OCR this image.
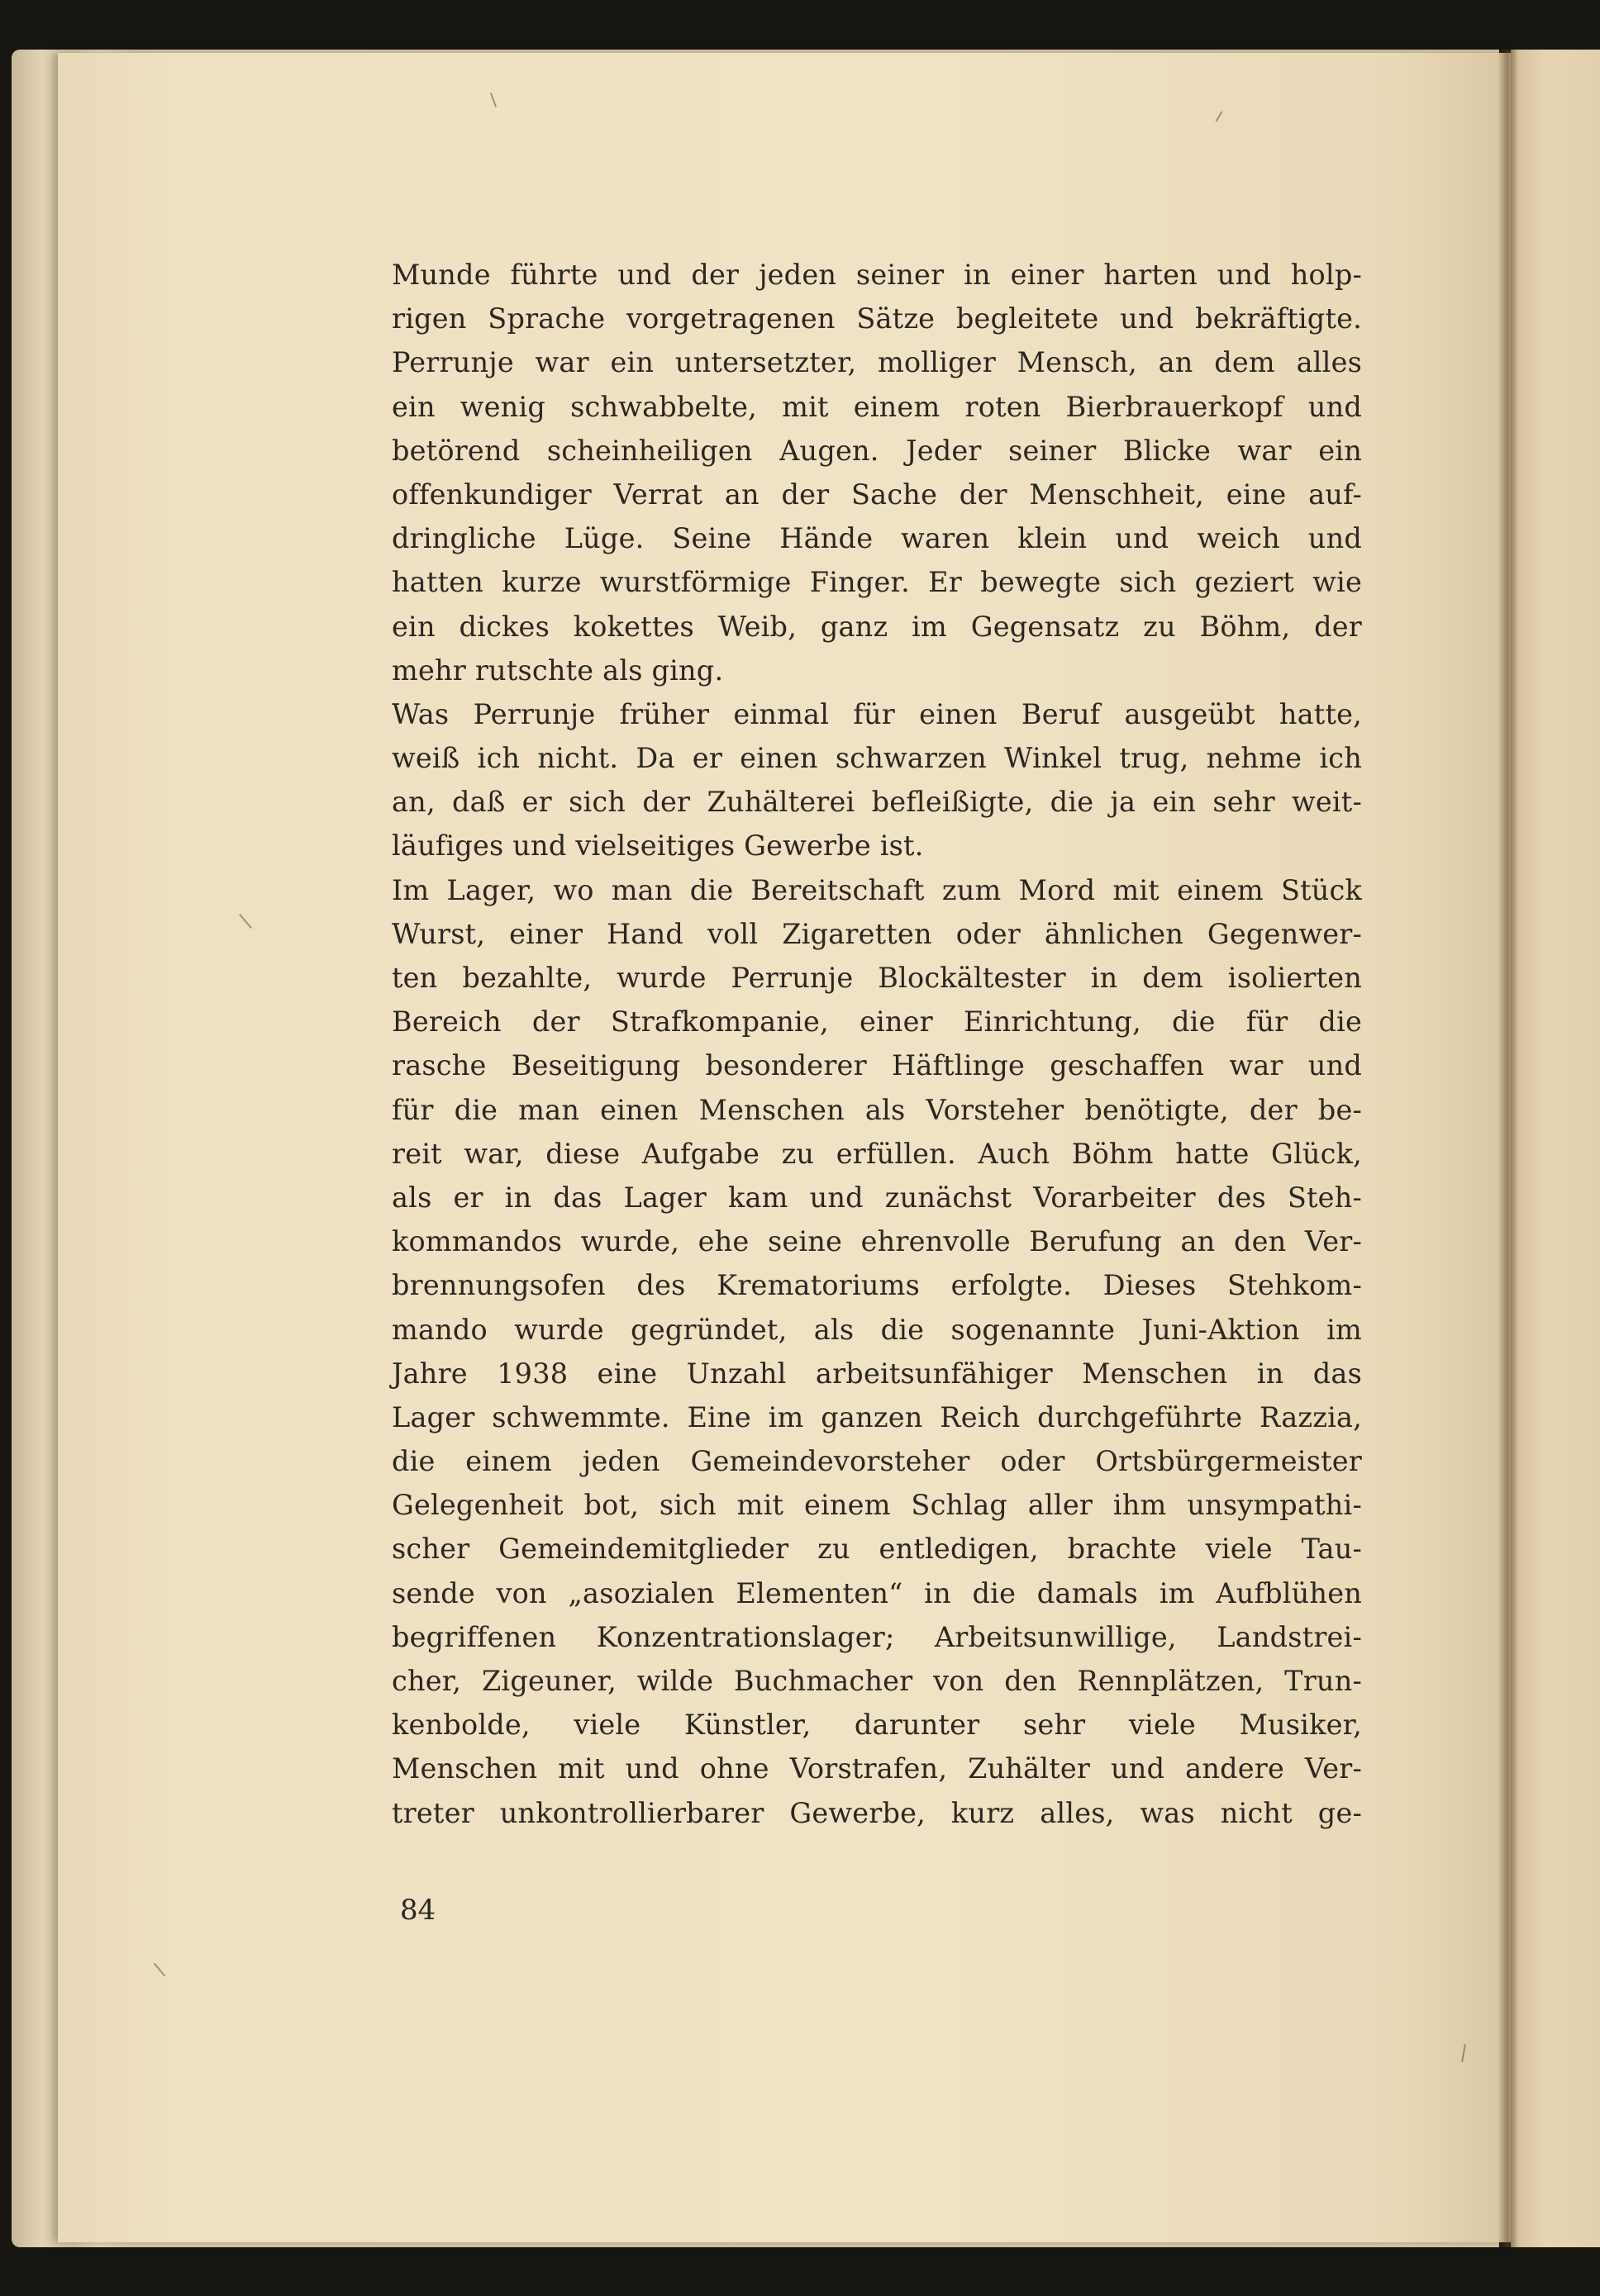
Munde führte und der jeden seiner in einer harten und holp-
rigen Sprache vorgetragenen Sätze begleitete und bekräftigte.
Perrunje war ein untersetzter, molliger Mensch, an dem alles
ein wenig schwabbelte, mit einem roten Bierbrauerkopf und
betörend scheinheiligen Augen. Jeder seiner Blicke war ein
offenkundiger Verrat an der Sache der Menschheit, eine auf-
dringliche Lüge. Seine Hände waren klein und weich und
hatten kurze wurstförmige Finger. Er bewegte sich geziert wie
ein dickes kokettes Weib, ganz im Gegensatz zu Böhm, der
mehr rutschte als ging.
Was Perrunje früher einmal für einen Beruf ausgeübt hatte,
weiß ich nicht. Da er einen schwarzen Winkel trug, nehme ich
an, daß er sich der Zuhälterei befleißigte, die ja ein sehr weit-
läufiges und vielseitiges Gewerbe ist.
Im Lager, wo man die Bereitschaft zum Mord mit einem Stück
Wurst, einer Hand voll Zigaretten oder ähnlichen Gegenwer-
ten bezahlte, wurde Perrunje Blockältester in dem isolierten
Bereich der Strafkompanie, einer Einrichtung, die für die
rasche Beseitigung besonderer Häftlinge geschaffen war und
für die man einen Menschen als Vorsteher benötigte, der be-
reit war, diese Aufgabe zu erfüllen. Auch Böhm hatte Glück,
als er in das Lager kam und zunächst Vorarbeiter des Steh-
kommandos wurde, ehe seine ehrenvolle Berufung an den Ver-
brennungsofen des Krematoriums erfolgte. Dieses Stehkom-
mando wurde gegründet, als die sogenannte Juni-Aktion im
Jahre 1938 eine Unzahl arbeitsunfähiger Menschen in das
Lager schwemmte. Eine im ganzen Reich durchgeführte Razzia,
die einem jeden Gemeindevorsteher oder Ortsbürgermeister
Gelegenheit bot, sich mit einem Schlag aller ihm unsympathi-
scher Gemeindemitglieder zu entledigen, brachte viele Tau-
sende von „asozialen Elementen“ in die damals im Aufblühen
begriffenen Konzentrationslager; Arbeitsunwillige, Landstrei-
cher, Zigeuner, wilde Buchmacher von den Rennplätzen, Trun-
kenbolde, viele Künstler, darunter sehr viele Musiker,
Menschen mit und ohne Vorstrafen, Zuhälter und andere Ver-
treter unkontrollierbarer Gewerbe, kurz alles, was nicht ge-
84
